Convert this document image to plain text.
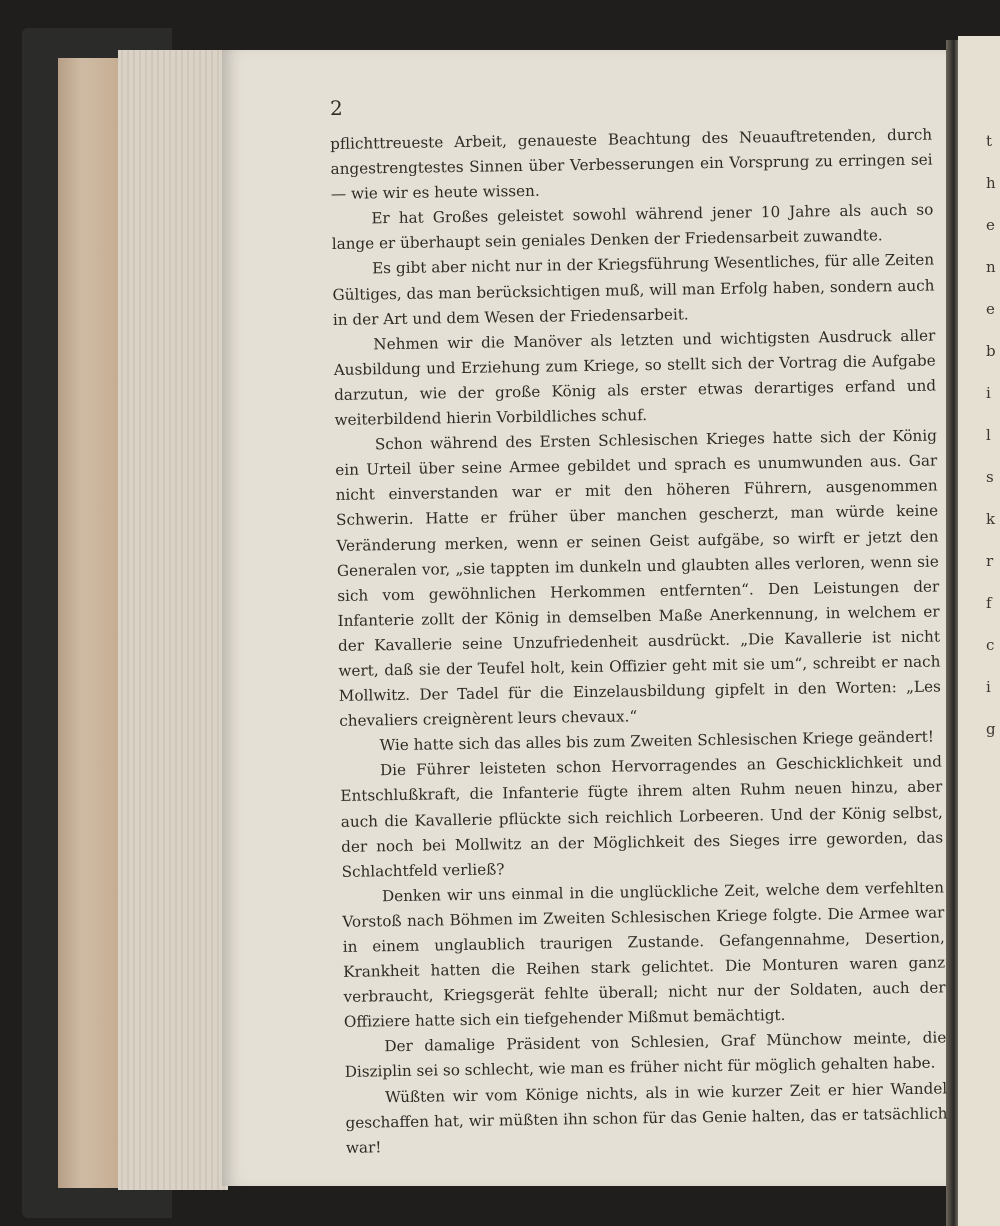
2

pflichttreueste Arbeit, genaueste Beachtung des Neuauftretenden, durch angestrengtestes Sinnen über Verbesserungen ein Vorsprung zu erringen sei — wie wir es heute wissen.

Er hat Großes geleistet sowohl während jener 10 Jahre als auch so lange er überhaupt sein geniales Denken der Friedensarbeit zuwandte.

Es gibt aber nicht nur in der Kriegsführung Wesentliches, für alle Zeiten Gültiges, das man berücksichtigen muß, will man Erfolg haben, sondern auch in der Art und dem Wesen der Friedensarbeit.

Nehmen wir die Manöver als letzten und wichtigsten Ausdruck aller Ausbildung und Erziehung zum Kriege, so stellt sich der Vortrag die Aufgabe darzutun, wie der große König als erster etwas derartiges erfand und weiterbildend hierin Vorbildliches schuf.

Schon während des Ersten Schlesischen Krieges hatte sich der König ein Urteil über seine Armee gebildet und sprach es unumwunden aus. Gar nicht einverstanden war er mit den höheren Führern, ausgenommen Schwerin. Hatte er früher über manchen gescherzt, man würde keine Veränderung merken, wenn er seinen Geist aufgäbe, so wirft er jetzt den Generalen vor, „sie tappten im dunkeln und glaubten alles verloren, wenn sie sich vom gewöhnlichen Herkommen entfernten“. Den Leistungen der Infanterie zollt der König in demselben Maße Anerkennung, in welchem er der Kavallerie seine Unzufriedenheit ausdrückt. „Die Kavallerie ist nicht wert, daß sie der Teufel holt, kein Offizier geht mit sie um“, schreibt er nach Mollwitz. Der Tadel für die Einzelausbildung gipfelt in den Worten: „Les chevaliers creignèrent leurs chevaux.“

Wie hatte sich das alles bis zum Zweiten Schlesischen Kriege geändert!

Die Führer leisteten schon Hervorragendes an Geschicklichkeit und Entschlußkraft, die Infanterie fügte ihrem alten Ruhm neuen hinzu, aber auch die Kavallerie pflückte sich reichlich Lorbeeren. Und der König selbst, der noch bei Mollwitz an der Möglichkeit des Sieges irre geworden, das Schlachtfeld verließ?

Denken wir uns einmal in die unglückliche Zeit, welche dem verfehlten Vorstoß nach Böhmen im Zweiten Schlesischen Kriege folgte. Die Armee war in einem unglaublich traurigen Zustande. Gefangennahme, Desertion, Krankheit hatten die Reihen stark gelichtet. Die Monturen waren ganz verbraucht, Kriegsgerät fehlte überall; nicht nur der Soldaten, auch der Offiziere hatte sich ein tiefgehender Mißmut bemächtigt.

Der damalige Präsident von Schlesien, Graf Münchow meinte, die Disziplin sei so schlecht, wie man es früher nicht für möglich gehalten habe.

Wüßten wir vom Könige nichts, als in wie kurzer Zeit er hier Wandel geschaffen hat, wir müßten ihn schon für das Genie halten, das er tatsächlich war!

t
h
e
n
e
b
i
l
s
k
r
f
c
i
g
